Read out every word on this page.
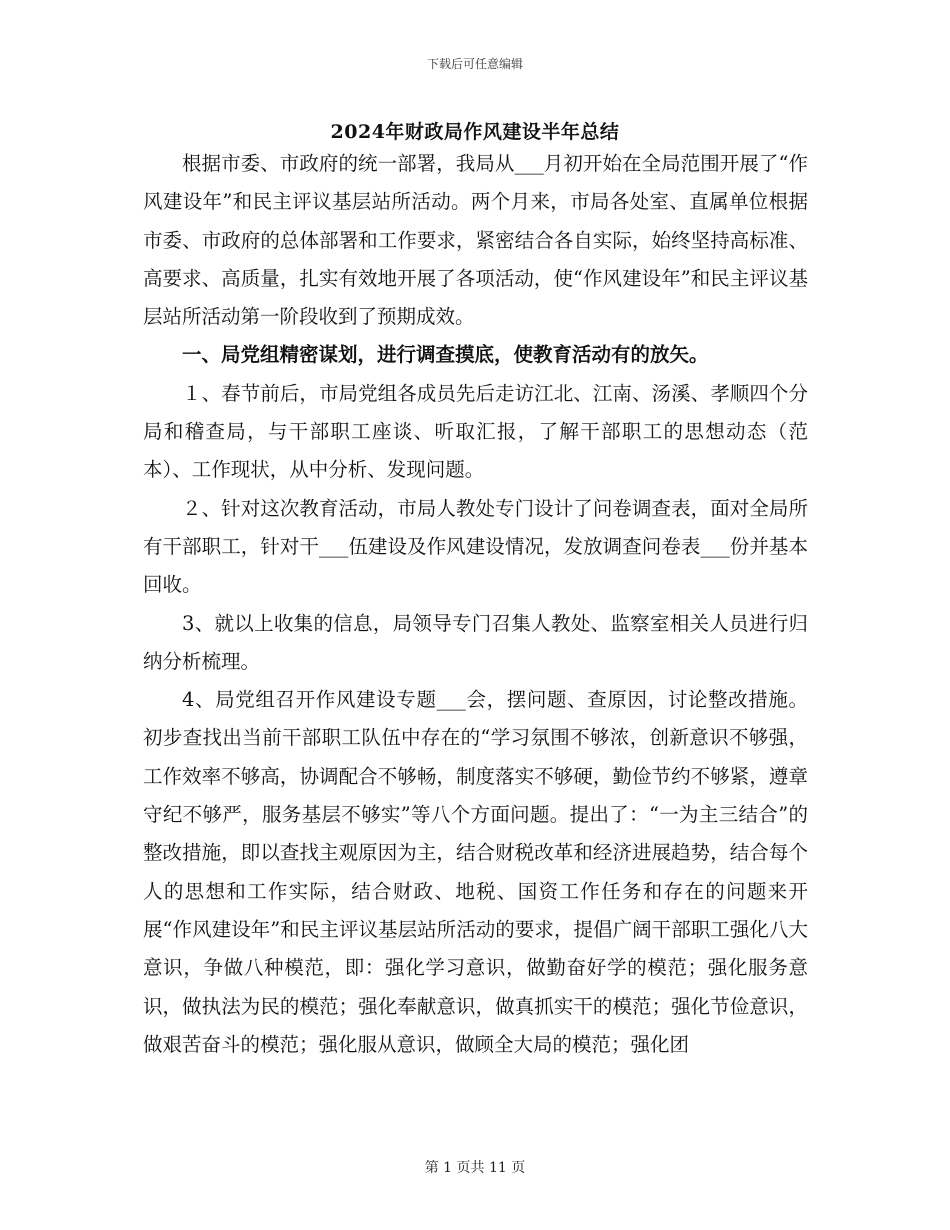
下载后可任意编辑
2024年财政局作风建设半年总结

根据市委、市政府的统一部署，我局从___月初开始在全局范围开展了“作风建设年”和民主评议基层站所活动。两个月来，市局各处室、直属单位根据市委、市政府的总体部署和工作要求，紧密结合各自实际，始终坚持高标准、高要求、高质量，扎实有效地开展了各项活动，使“作风建设年”和民主评议基层站所活动第一阶段收到了预期成效。

一、局党组精密谋划，进行调查摸底，使教育活动有的放矢。

１、春节前后，市局党组各成员先后走访江北、江南、汤溪、孝顺四个分局和稽查局，与干部职工座谈、听取汇报，了解干部职工的思想动态（范本）、工作现状，从中分析、发现问题。

２、针对这次教育活动，市局人教处专门设计了问卷调查表，面对全局所有干部职工，针对干___伍建设及作风建设情况，发放调查问卷表___份并基本回收。

3、就以上收集的信息，局领导专门召集人教处、监察室相关人员进行归纳分析梳理。

4、局党组召开作风建设专题___会，摆问题、查原因，讨论整改措施。初步查找出当前干部职工队伍中存在的“学习氛围不够浓，创新意识不够强，工作效率不够高，协调配合不够畅，制度落实不够硬，勤俭节约不够紧，遵章守纪不够严，服务基层不够实”等八个方面问题。提出了：“一为主三结合”的整改措施，即以查找主观原因为主，结合财税改革和经济进展趋势，结合每个人的思想和工作实际，结合财政、地税、国资工作任务和存在的问题来开展“作风建设年”和民主评议基层站所活动的要求，提倡广阔干部职工强化八大意识，争做八种模范，即：强化学习意识，做勤奋好学的模范；强化服务意识，做执法为民的模范；强化奉献意识，做真抓实干的模范；强化节俭意识，做艰苦奋斗的模范；强化服从意识，做顾全大局的模范；强化团

第 1 页共 11 页
